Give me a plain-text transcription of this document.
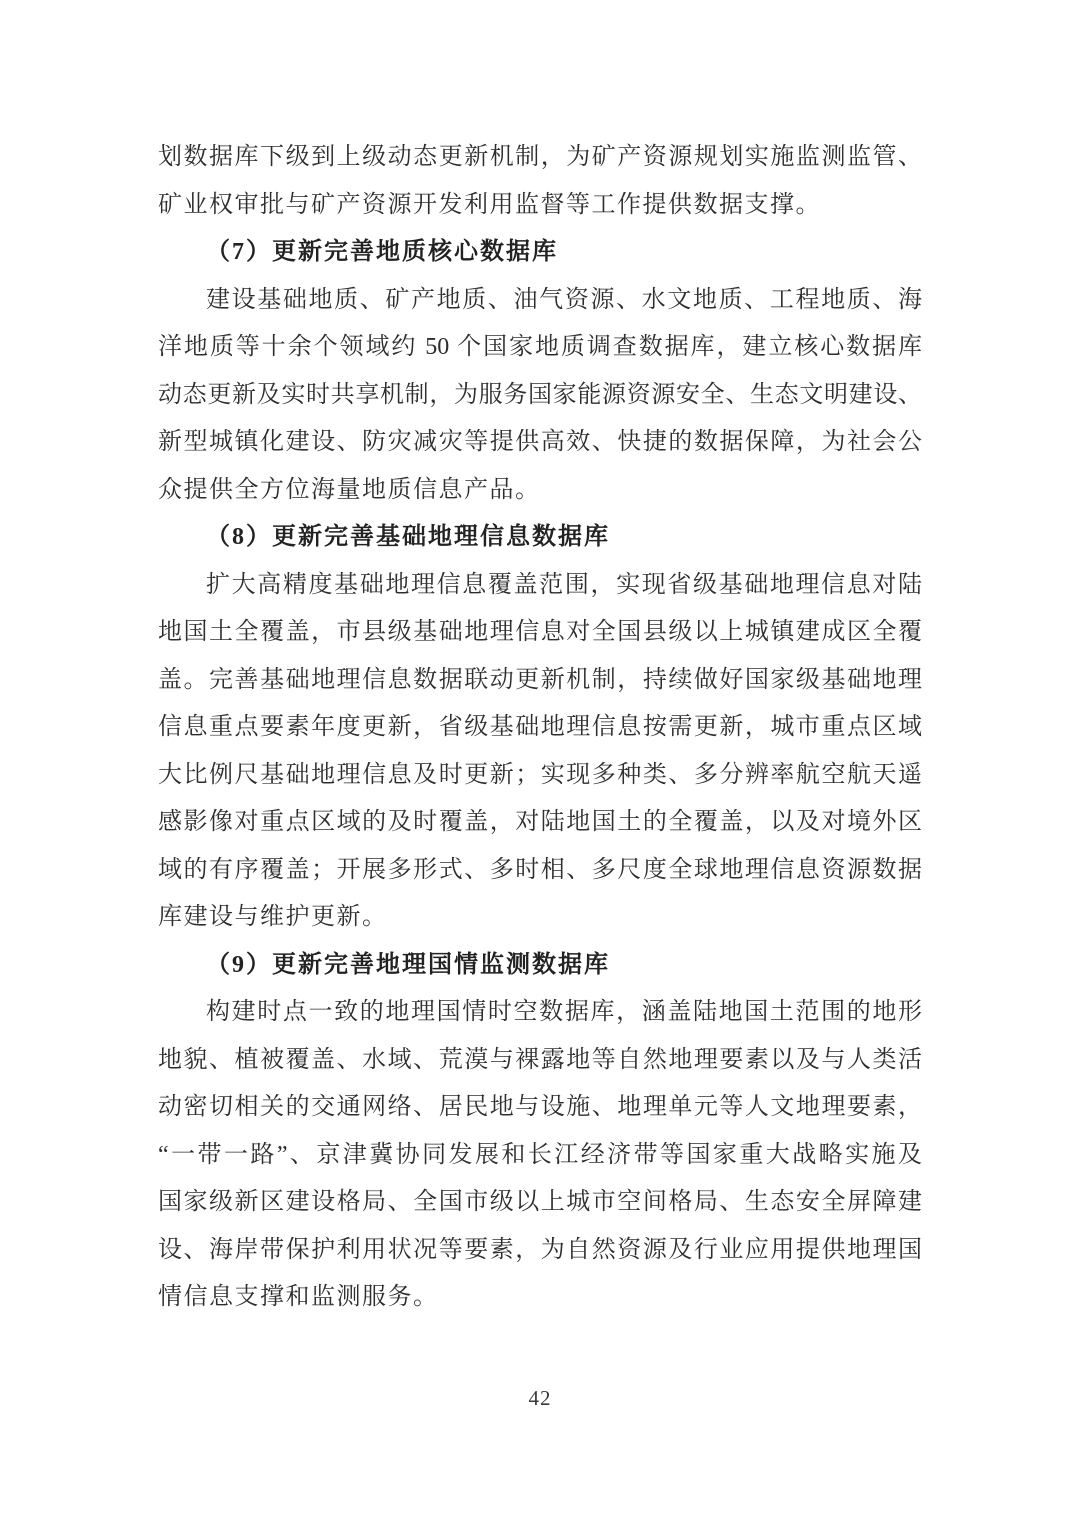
划数据库下级到上级动态更新机制，为矿产资源规划实施监测监管、
矿业权审批与矿产资源开发利用监督等工作提供数据支撑。
（7）更新完善地质核心数据库
建设基础地质、矿产地质、油气资源、水文地质、工程地质、海
洋地质等十余个领域约 50 个国家地质调查数据库，建立核心数据库
动态更新及实时共享机制，为服务国家能源资源安全、生态文明建设、
新型城镇化建设、防灾减灾等提供高效、快捷的数据保障，为社会公
众提供全方位海量地质信息产品。
（8）更新完善基础地理信息数据库
扩大高精度基础地理信息覆盖范围，实现省级基础地理信息对陆
地国土全覆盖，市县级基础地理信息对全国县级以上城镇建成区全覆
盖。完善基础地理信息数据联动更新机制，持续做好国家级基础地理
信息重点要素年度更新，省级基础地理信息按需更新，城市重点区域
大比例尺基础地理信息及时更新；实现多种类、多分辨率航空航天遥
感影像对重点区域的及时覆盖，对陆地国土的全覆盖，以及对境外区
域的有序覆盖；开展多形式、多时相、多尺度全球地理信息资源数据
库建设与维护更新。
（9）更新完善地理国情监测数据库
构建时点一致的地理国情时空数据库，涵盖陆地国土范围的地形
地貌、植被覆盖、水域、荒漠与裸露地等自然地理要素以及与人类活
动密切相关的交通网络、居民地与设施、地理单元等人文地理要素，
“一带一路”、京津冀协同发展和长江经济带等国家重大战略实施及
国家级新区建设格局、全国市级以上城市空间格局、生态安全屏障建
设、海岸带保护利用状况等要素，为自然资源及行业应用提供地理国
情信息支撑和监测服务。
42
